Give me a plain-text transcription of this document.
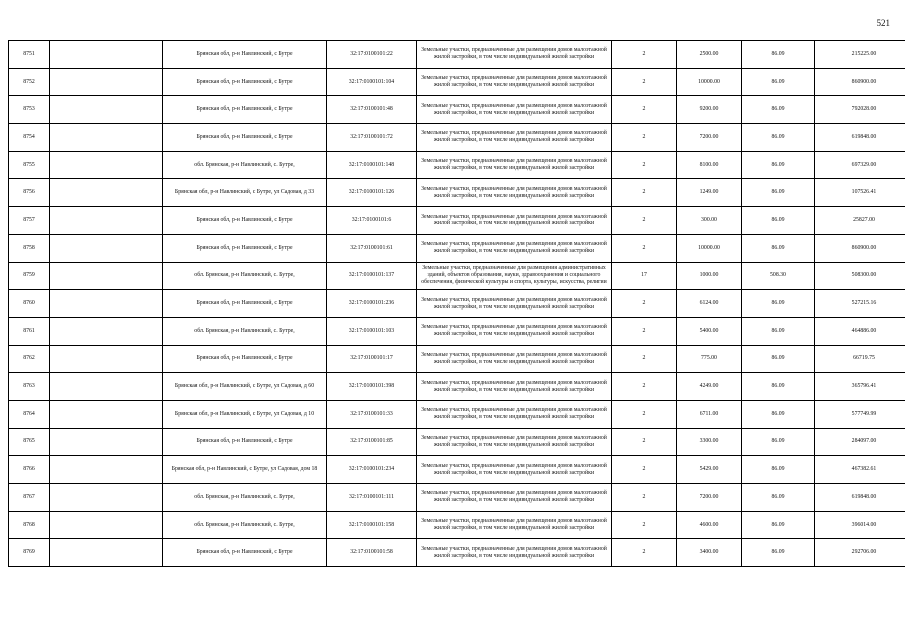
521
8751		Брянская обл, р-н Навлинский, с Бутре	32:17:0100101:22	Земельные участки, предназначенные для размещения домов малоэтажной жилой застройки, в том числе индивидуальной жилой застройки	2	2500.00	86.09	215225.00
8752		Брянская обл, р-н Навлинский, с Бутре	32:17:0100101:104	Земельные участки, предназначенные для размещения домов малоэтажной жилой застройки, в том числе индивидуальной жилой застройки	2	10000.00	86.09	860900.00
8753		Брянская обл, р-н Навлинский, с Бутре	32:17:0100101:48	Земельные участки, предназначенные для размещения домов малоэтажной жилой застройки, в том числе индивидуальной жилой застройки	2	9200.00	86.09	792028.00
8754		Брянская обл, р-н Навлинский, с Бутре	32:17:0100101:72	Земельные участки, предназначенные для размещения домов малоэтажной жилой застройки, в том числе индивидуальной жилой застройки	2	7200.00	86.09	619848.00
8755		обл. Брянская, р-н Навлинский, с. Бутре,	32:17:0100101:148	Земельные участки, предназначенные для размещения домов малоэтажной жилой застройки, в том числе индивидуальной жилой застройки	2	8100.00	86.09	697329.00
8756		Брянская обл, р-н Навлинский, с Бутре, ул Садовая, д 33	32:17:0100101:126	Земельные участки, предназначенные для размещения домов малоэтажной жилой застройки, в том числе индивидуальной жилой застройки	2	1249.00	86.09	107526.41
8757		Брянская обл, р-н Навлинский, с Бутре	32:17:0100101:6	Земельные участки, предназначенные для размещения домов малоэтажной жилой застройки, в том числе индивидуальной жилой застройки	2	300.00	86.09	25827.00
8758		Брянская обл, р-н Навлинский, с Бутре	32:17:0100101:61	Земельные участки, предназначенные для размещения домов малоэтажной жилой застройки, в том числе индивидуальной жилой застройки	2	10000.00	86.09	860900.00
8759		обл. Брянская, р-н Навлинский, с. Бутре,	32:17:0100101:137	Земельные участки, предназначенные для размещения административных зданий, объектов образования, науки, здравоохранения и социального обеспечения, физической культуры и спорта, культуры, искусства, религии	17	1000.00	508.30	508300.00
8760		Брянская обл, р-н Навлинский, с Бутре	32:17:0100101:236	Земельные участки, предназначенные для размещения домов малоэтажной жилой застройки, в том числе индивидуальной жилой застройки	2	6124.00	86.09	527215.16
8761		обл. Брянская, р-н Навлинский, с. Бутре,	32:17:0100101:103	Земельные участки, предназначенные для размещения домов малоэтажной жилой застройки, в том числе индивидуальной жилой застройки	2	5400.00	86.09	464886.00
8762		Брянская обл, р-н Навлинский, с Бутре	32:17:0100101:17	Земельные участки, предназначенные для размещения домов малоэтажной жилой застройки, в том числе индивидуальной жилой застройки	2	775.00	86.09	66719.75
8763		Брянская обл, р-н Навлинский, с Бутре, ул Садовая, д 60	32:17:0100101:398	Земельные участки, предназначенные для размещения домов малоэтажной жилой застройки, в том числе индивидуальной жилой застройки	2	4249.00	86.09	365796.41
8764		Брянская обл, р-н Навлинский, с Бутре, ул Садовая, д 10	32:17:0100101:33	Земельные участки, предназначенные для размещения домов малоэтажной жилой застройки, в том числе индивидуальной жилой застройки	2	6711.00	86.09	577749.99
8765		Брянская обл, р-н Навлинский, с Бутре	32:17:0100101:85	Земельные участки, предназначенные для размещения домов малоэтажной жилой застройки, в том числе индивидуальной жилой застройки	2	3300.00	86.09	284097.00
8766		Брянская обл, р-н Навлинский, с Бутре, ул Садовая, дом 18	32:17:0100101:234	Земельные участки, предназначенные для размещения домов малоэтажной жилой застройки, в том числе индивидуальной жилой застройки	2	5429.00	86.09	467382.61
8767		обл. Брянская, р-н Навлинский, с. Бутре,	32:17:0100101:111	Земельные участки, предназначенные для размещения домов малоэтажной жилой застройки, в том числе индивидуальной жилой застройки	2	7200.00	86.09	619848.00
8768		обл. Брянская, р-н Навлинский, с. Бутре,	32:17:0100101:158	Земельные участки, предназначенные для размещения домов малоэтажной жилой застройки, в том числе индивидуальной жилой застройки	2	4600.00	86.09	396014.00
8769		Брянская обл, р-н Навлинский, с Бутре	32:17:0100101:58	Земельные участки, предназначенные для размещения домов малоэтажной жилой застройки, в том числе индивидуальной жилой застройки	2	3400.00	86.09	292706.00
